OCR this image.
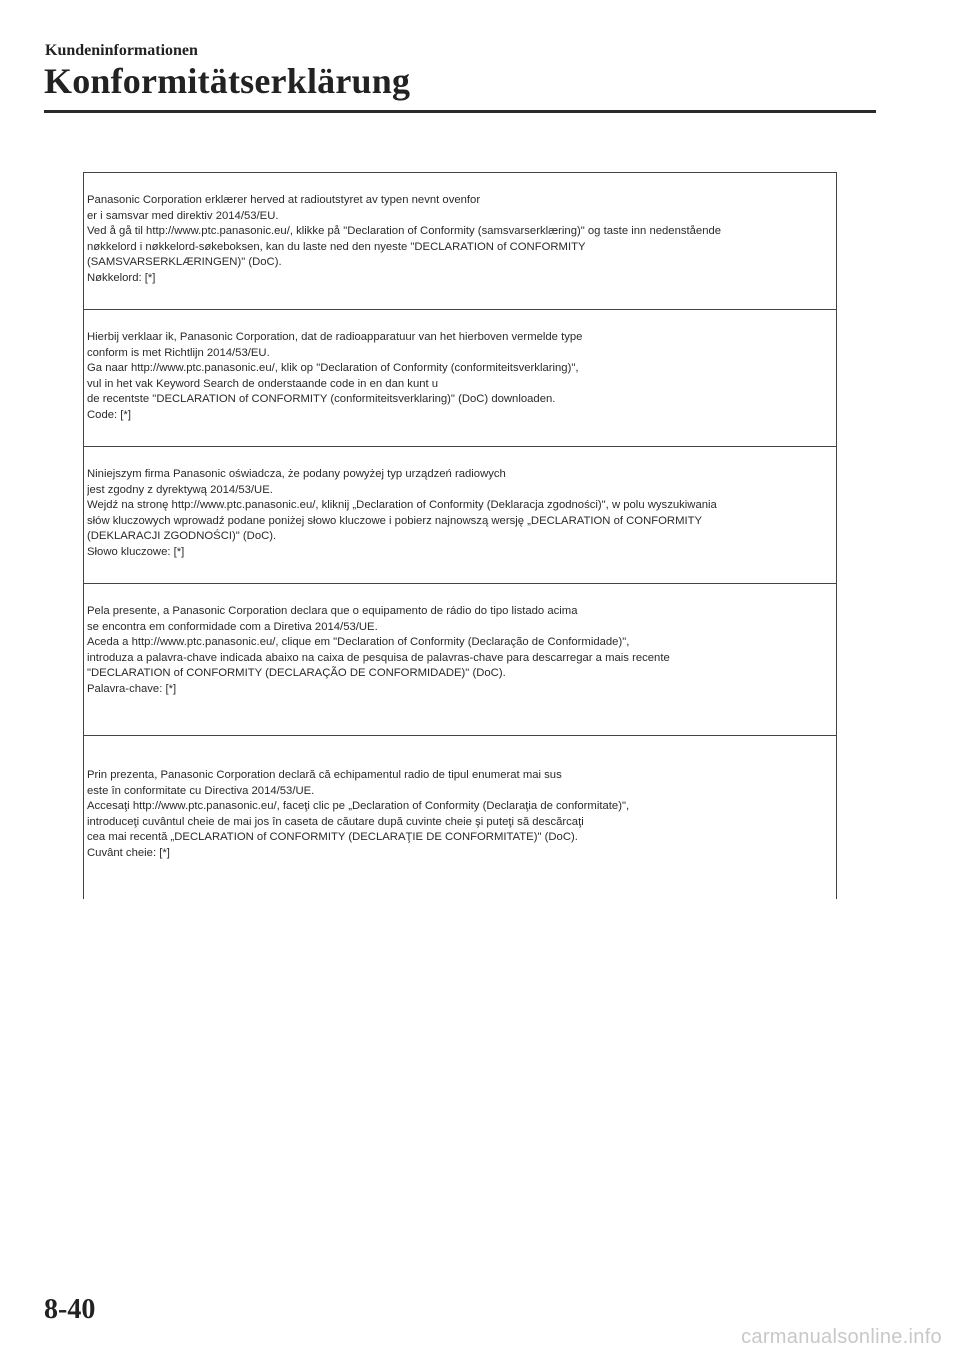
Kundeninformationen
Konformitätserklärung
Panasonic Corporation erklærer herved at radioutstyret av typen nevnt ovenfor
er i samsvar med direktiv 2014/53/EU.
Ved å gå til http://www.ptc.panasonic.eu/, klikke på "Declaration of Conformity (samsvarserklæring)" og taste inn nedenstående
nøkkelord i nøkkelord-søkeboksen, kan du laste ned den nyeste "DECLARATION of CONFORMITY
(SAMSVARSERKLÆRINGEN)" (DoC).
Nøkkelord: [*]
Hierbij verklaar ik, Panasonic Corporation, dat de radioapparatuur van het hierboven vermelde type
conform is met Richtlijn 2014/53/EU.
Ga naar http://www.ptc.panasonic.eu/, klik op "Declaration of Conformity (conformiteitsverklaring)",
vul in het vak Keyword Search de onderstaande code in en dan kunt u
de recentste "DECLARATION of CONFORMITY (conformiteitsverklaring)" (DoC) downloaden.
Code: [*]
Niniejszym firma Panasonic oświadcza, że podany powyżej typ urządzeń radiowych
jest zgodny z dyrektywą 2014/53/UE.
Wejdź na stronę http://www.ptc.panasonic.eu/, kliknij „Declaration of Conformity (Deklaracja zgodności)", w polu wyszukiwania
słów kluczowych wprowadź podane poniżej słowo kluczowe i pobierz najnowszą wersję „DECLARATION of CONFORMITY
(DEKLARACJI ZGODNOŚCI)" (DoC).
Słowo kluczowe: [*]
Pela presente, a Panasonic Corporation declara que o equipamento de rádio do tipo listado acima
se encontra em conformidade com a Diretiva 2014/53/UE.
Aceda a http://www.ptc.panasonic.eu/, clique em "Declaration of Conformity (Declaração de Conformidade)",
introduza a palavra-chave indicada abaixo na caixa de pesquisa de palavras-chave para descarregar a mais recente
"DECLARATION of CONFORMITY (DECLARAÇÃO DE CONFORMIDADE)" (DoC).
Palavra-chave: [*]
Prin prezenta, Panasonic Corporation declară că echipamentul radio de tipul enumerat mai sus
este în conformitate cu Directiva 2014/53/UE.
Accesaţi http://www.ptc.panasonic.eu/, faceţi clic pe „Declaration of Conformity (Declaraţia de conformitate)",
introduceţi cuvântul cheie de mai jos în caseta de căutare după cuvinte cheie şi puteţi să descărcaţi
cea mai recentă „DECLARATION of CONFORMITY (DECLARAŢIE DE CONFORMITATE)" (DoC).
Cuvânt cheie: [*]
8-40
carmanualsonline.info
